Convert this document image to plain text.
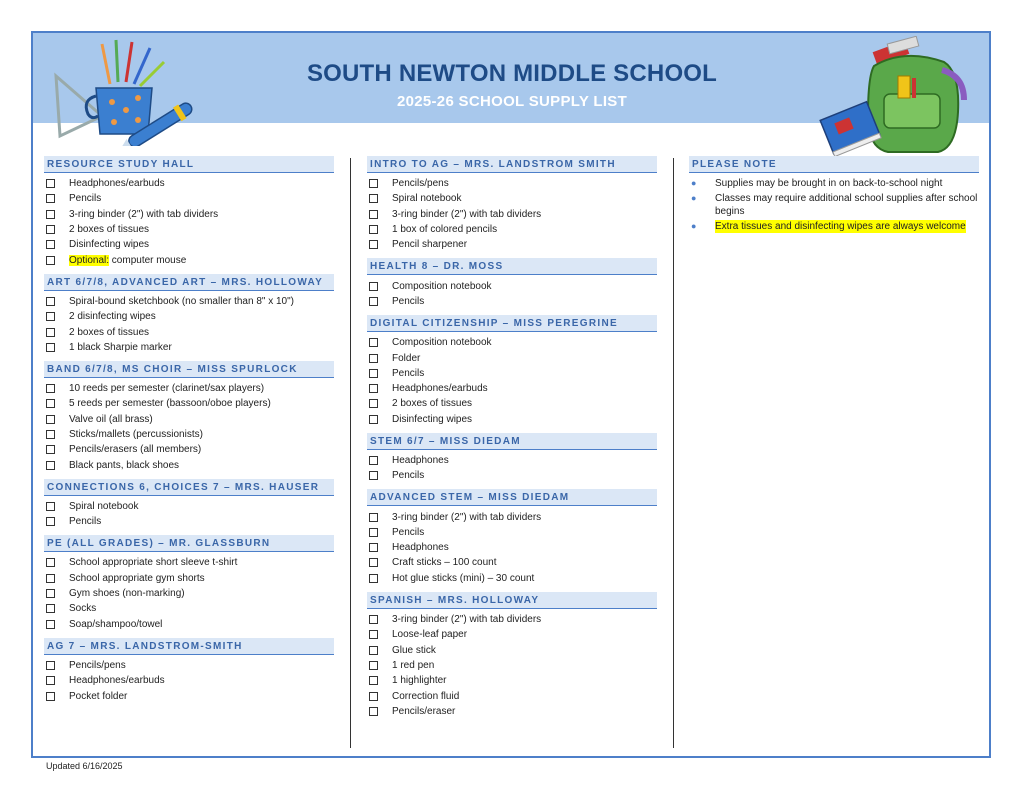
SOUTH NEWTON MIDDLE SCHOOL
2025-26 SCHOOL SUPPLY LIST
RESOURCE STUDY HALL
Headphones/earbuds
Pencils
3-ring binder (2") with tab dividers
2 boxes of tissues
Disinfecting wipes
Optional: computer mouse
ART 6/7/8, ADVANCED ART – MRS. HOLLOWAY
Spiral-bound sketchbook (no smaller than 8" x 10")
2 disinfecting wipes
2 boxes of tissues
1 black Sharpie marker
BAND 6/7/8, MS CHOIR – MISS SPURLOCK
10 reeds per semester (clarinet/sax players)
5 reeds per semester (bassoon/oboe players)
Valve oil (all brass)
Sticks/mallets (percussionists)
Pencils/erasers (all members)
Black pants, black shoes
CONNECTIONS 6, CHOICES 7 – MRS. HAUSER
Spiral notebook
Pencils
PE (ALL GRADES) – MR. GLASSBURN
School appropriate short sleeve t-shirt
School appropriate gym shorts
Gym shoes (non-marking)
Socks
Soap/shampoo/towel
AG 7 – MRS. LANDSTROM-SMITH
Pencils/pens
Headphones/earbuds
Pocket folder
INTRO TO AG – MRS. LANDSTROM SMITH
Pencils/pens
Spiral notebook
3-ring binder (2") with tab dividers
1 box of colored pencils
Pencil sharpener
HEALTH 8 – DR. MOSS
Composition notebook
Pencils
DIGITAL CITIZENSHIP – MISS PEREGRINE
Composition notebook
Folder
Pencils
Headphones/earbuds
2 boxes of tissues
Disinfecting wipes
STEM 6/7 – MISS DIEDAM
Headphones
Pencils
ADVANCED STEM – MISS DIEDAM
3-ring binder (2") with tab dividers
Pencils
Headphones
Craft sticks – 100 count
Hot glue sticks (mini) – 30 count
SPANISH – MRS. HOLLOWAY
3-ring binder (2") with tab dividers
Loose-leaf paper
Glue stick
1 red pen
1 highlighter
Correction fluid
Pencils/eraser
PLEASE NOTE
●	Supplies may be brought in on back-to-school night
●	Classes may require additional school supplies after school begins
●	Extra tissues and disinfecting wipes are always welcome
Updated 6/16/2025
